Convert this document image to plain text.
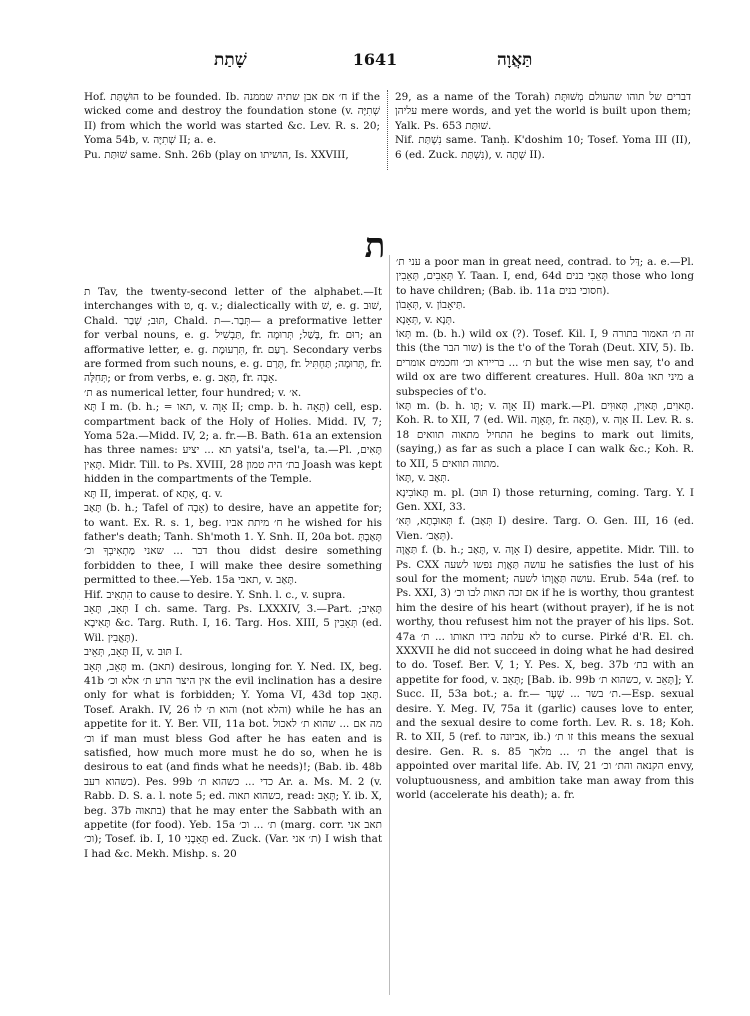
שָׁתַת	1641	תַּאֲוָה

Hof. הוּשְׁתַּת to be founded. Ib. ח׳ אם אבן שתיה שממנה if the wicked come and destroy the foundation stone (v. שְׁתִיָּה II) from which the world was started &c. Lev. R. s. 20; Yoma 54b, v. שְׁתִיָּה II; a. e.

Pu. שׁוּתַּת same. Snh. 26b (play on הושיתו, Is. XXVIII,

29, as a name of the Torah) דברים של תוהו שהעולם מְשׁוּתָּת עליהן mere words, and yet the world is built upon them; Yalk. Ps. 653 שׁוּתַּת.

Nif. נִשְׁתַּת same. Tanḥ. K'doshim 10; Tosef. Yoma III (II), 6 (ed. Zuck. נִשְׁתַּת), v. שְׁתָה II).

ת

ת Tav, the twenty-second letter of the alphabet.—It interchanges with ט, q. v.; dialectically with שׁ, e. g. שׁוּב, Chald. תּוּב; שְׁבַר, Chald. תְּבַר.—ת— a preformative letter for verbal nouns, e. g. תַּבְשִׁיל, fr. בָּשַׁל; תְּרוּמָה, fr. רוּם; an afformative letter, e. g. תִּרְעוּמֶת, fr. רָעַם. Secondary verbs are formed from such nouns, e. g. תְּרַם, fr. תְּרוּמָה; תַּחְתִּיל, fr. תְּחִלָּה; or from verbs, e. g. תְּאַב, fr. אָבָה.

ת׳ as numerical letter, four hundred; v. א׳.

תָּא I m. (b. h.; = תאו, v. אָוָה II; cmp. b. h. תָּאָה) cell, esp. compartment back of the Holy of Holies. Midd. IV, 7; Yoma 52a.—Midd. IV, 2; a. fr.—B. Bath. 61a an extension has three names: תא ... יציע yatsi'a, tsel'a, ta.—Pl. תָּאִים, תָּאִין. Midr. Till. to Ps. XVIII, 28 בת׳ היה טמון Joash was kept hidden in the compartments of the Temple.

תָּא II, imperat. of אָתָא, q. v.

תָּאַב (b. h.; Tafel of אָבָה) to desire, have an appetite for; to want. Ex. R. s. 1, beg. ח׳ מיתת אביו he wished for his father's death; Tanh. Sh'moth 1. Y. Snh. II, 20a bot. תָּאַבְתָּ דבר ... שאני מַתְאִיבְךָ וכ׳ thou didst desire something forbidden to thee, I will make thee desire something permitted to thee.—Yeb. 15a תאבי, v. תָּאַב.

Hif. הִתְאִיב to cause to desire. Y. Snh. l. c., v. supra.

תְּאֵב, תָּאֵב I ch. same. Targ. Ps. LXXXIV, 3.—Part. תָּאִיב; תָּאִיבָא &c. Targ. Ruth. I, 16. Targ. Hos. XIII, 5 תְּאֵבִין (ed. Wil. תָּאֲבִין).

תָּאֵב, תְּאֵיב II, v. תּוּב I.

תָּאֵב, תְּאֵב m. (תאב) desirous, longing for. Y. Ned. IX, beg. 41b אין היצר הרע ת׳ אלא וכ׳ the evil inclination has a desire only for what is forbidden; Y. Yoma VI, 43d top תָּאֵב. Tosef. Arakh. IV, 26 והוא ת׳ לו (not והלא) while he has an appetite for it. Y. Ber. VII, 11a bot. מה אם ... שהוא ת׳ לאכול וכ׳ if man must bless God after he has eaten and is satisfied, how much more must he do so, when he is desirous to eat (and finds what he needs)!; (Bab. ib. 48b כשהוא רעב). Pes. 99b כדי ... כשהוא ת׳ Ar. a. Ms. M. 2 (v. Rabb. D. S. a. l. note 5; ed. כשהוא תאוה, read: תָּאֵב; Y. ib. X, beg. 37b בתאוה) that he may enter the Sabbath with an appetite (for food). Yeb. 15a ת׳ ... וכ׳ (marg. corr. תאב אני וכ׳); Tosef. ib. I, 10 תָּאֵבָנִי ed. Zuck. (Var. ת׳ אני) I wish that I had &c. Mekh. Mishp. s. 20

עני ת׳ a poor man in great need, contrad. to דַּל; a. e.—Pl. תְּאֵבִים, תְּאֵבִין Y. Taan. I, end, 64d תְּאֵבִי בנים those who long to have children; (Bab. ib. 11a חסוכי בנים).

תְּאָבוֹן, v. תַּיאָבוֹן.

תְּאָנָא, v. תְּנָא.

תְּאוֹ m. (b. h.) wild ox (?). Tosef. Kil. I, 9 זה ת׳ האמור בתורה this (the שור הבר) is the t'o of the Torah (Deut. XIV, 5). Ib. ת׳ ... בריירא וכ׳ וחכמים אומרים but the wise men say, t'o and wild ox are two different creatures. Hull. 80a מיני תאו a subspecies of t'o.

תָּאוֹ m. (b. h. תָּו; v. אָוָה II) mark.—Pl. תָּאוִים, תָּאוִין, תְּאוּוִים. Koh. R. to XII, 7 (ed. Wil. תְּאָוָה, fr. תָּאָה), v. אָוָה II. Lev. R. s. 18 התחיל מתאוה תוואים he begins to mark out limits, (saying,) as far as such a place I can walk &c.; Koh. R. to XII, 5 מתווה תוואים.

תָּאוֹ, v. תְּאַב.

תָּאוֹבִינָא m. pl. (תּוּב I) those returning, coming. Targ. Y. I Gen. XXI, 33.

תְּאוּבְתָא, תְּאִ׳ f. (תְּאַב I) desire. Targ. O. Gen. III, 16 (ed. Vien. תְּאַב׳).

תַּאֲוָה f. (b. h.; תָּאַב, v. אָוָה I) desire, appetite. Midr. Till. to Ps. CXX עושה תַּאֲוַת נפשו לשעה he satisfies the lust of his soul for the moment; עושה תַּאֲוָתוֹ לשעה. Erub. 54a (ref. to Ps. XXI, 3) אם זכה תאות לבו וכ׳ if he is worthy, thou grantest him the desire of his heart (without prayer), if he is not worthy, thou refusest him not the prayer of his lips. Sot. 47a לא עלתה בידו תאותו ... ת׳ to curse. Pirké d'R. El. ch. XXXVII he did not succeed in doing what he had desired to do. Tosef. Ber. V, 1; Y. Pes. X, beg. 37b בת׳ with an appetite for food, v. תָּאֵב; [Bab. ib. 99b כשהוא ת׳, v. תָּאֵב]; Y. Succ. II, 53a bot.; a. fr.— ת׳ בשר ... שְׁעָר.—Esp. sexual desire. Y. Meg. IV, 75a it (garlic) causes love to enter, and the sexual desire to come forth. Lev. R. s. 18; Koh. R. to XII, 5 (ref. to אביונה, ib.) זו ת׳ this means the sexual desire. Gen. R. s. 85 ת׳ ... מלאך the angel that is appointed over marital life. Ab. IV, 21 הקנאה והת׳ וכ׳ envy, voluptuousness, and ambition take man away from this world (accelerate his death); a. fr.
